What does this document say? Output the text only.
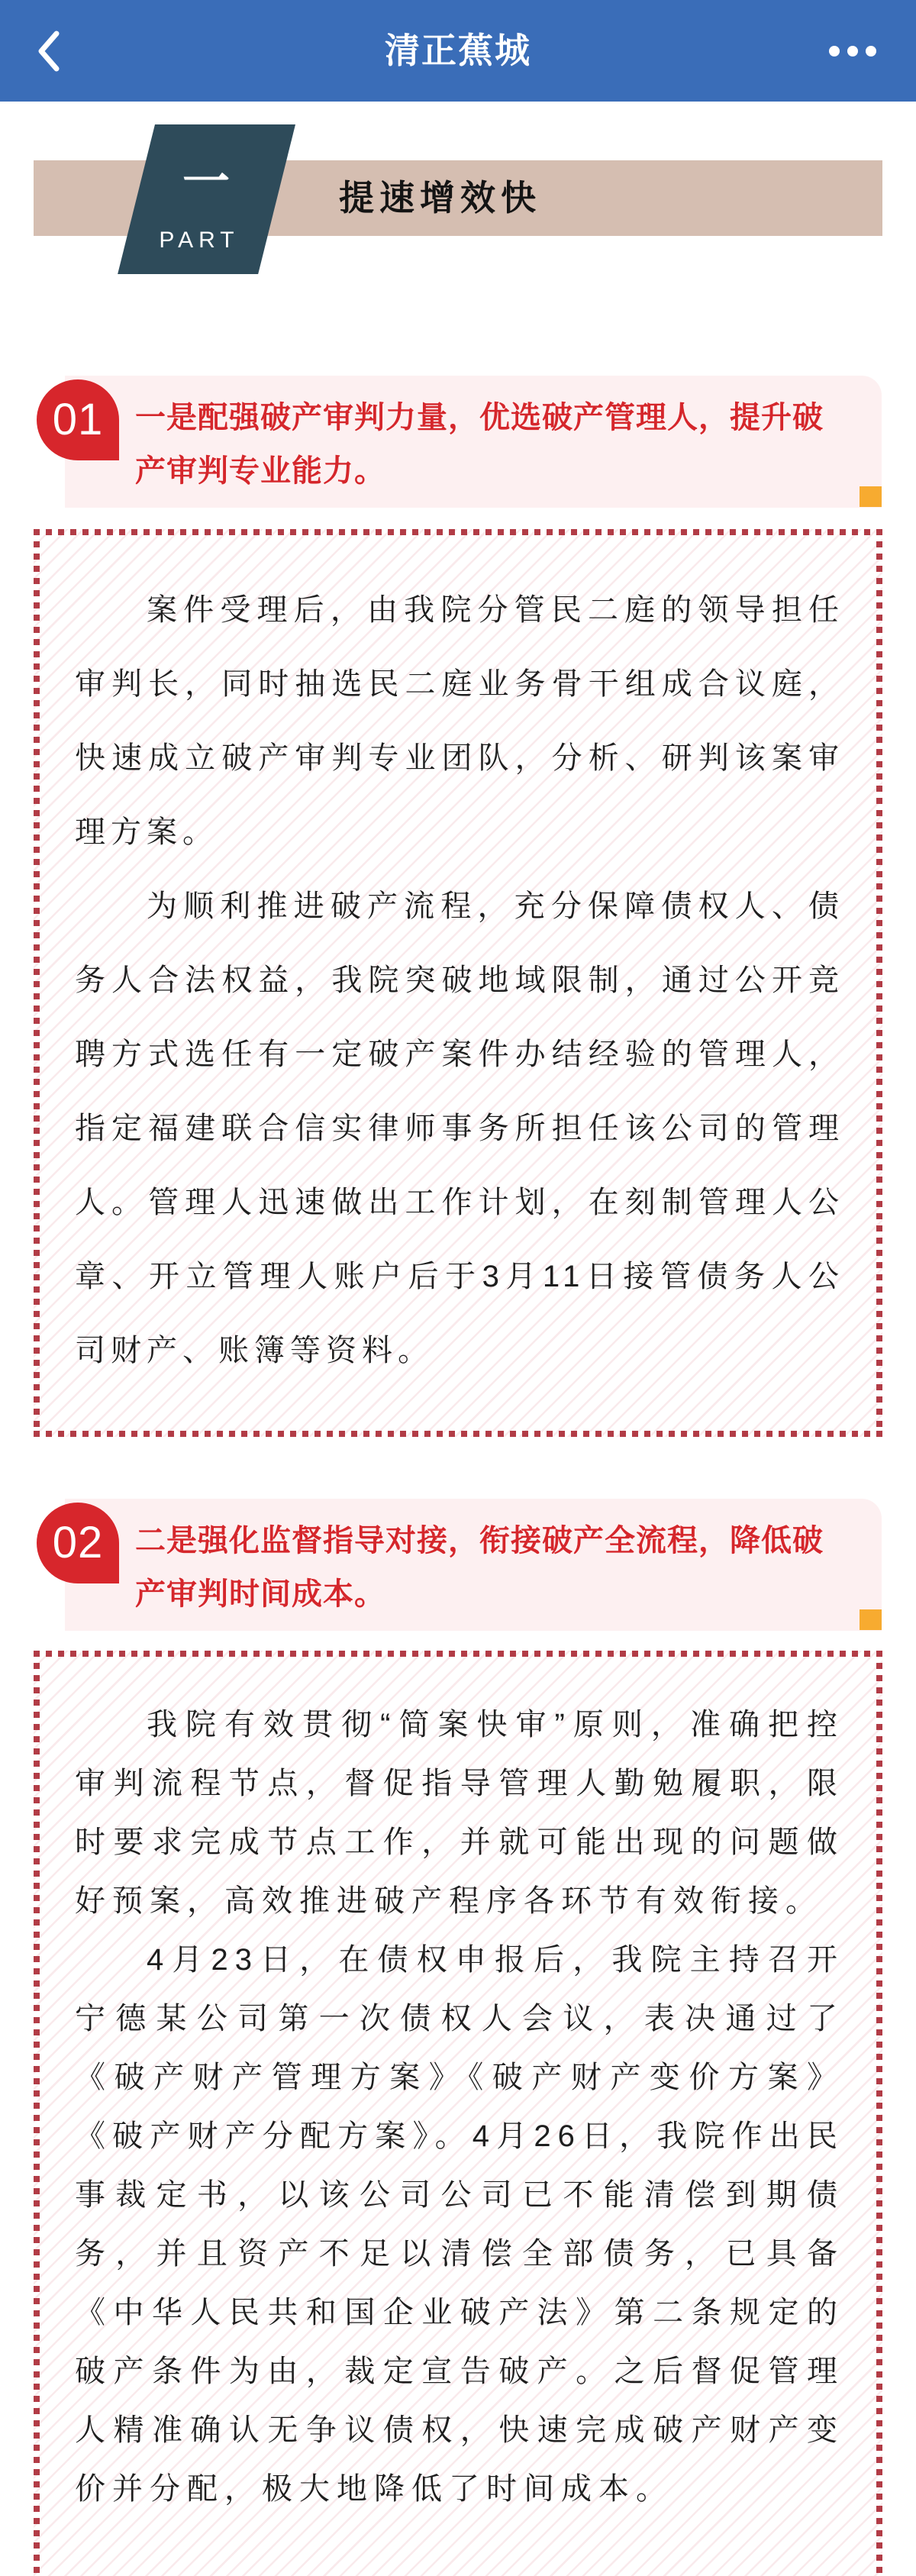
清正蕉城
一
PART
提速增效快
01	一是配强破产审判力量，优选破产管理人，提升破产审判专业能力。

案件受理后，由我院分管民二庭的领导担任审判长，同时抽选民二庭业务骨干组成合议庭，快速成立破产审判专业团队，分析、研判该案审理方案。

为顺利推进破产流程，充分保障债权人、债务人合法权益，我院突破地域限制，通过公开竞聘方式选任有一定破产案件办结经验的管理人，指定福建联合信实律师事务所担任该公司的管理人。管理人迅速做出工作计划，在刻制管理人公章、开立管理人账户后于3月11日接管债务人公司财产、账簿等资料。

02	二是强化监督指导对接，衔接破产全流程，降低破产审判时间成本。

我院有效贯彻“简案快审”原则，准确把控审判流程节点，督促指导管理人勤勉履职，限时要求完成节点工作，并就可能出现的问题做好预案，高效推进破产程序各环节有效衔接。

4月23日，在债权申报后，我院主持召开宁德某公司第一次债权人会议，表决通过了《破产财产管理方案》《破产财产变价方案》《破产财产分配方案》。4月26日，我院作出民事裁定书，以该公司公司已不能清偿到期债务，并且资产不足以清偿全部债务，已具备《中华人民共和国企业破产法》第二条规定的破产条件为由，裁定宣告破产。之后督促管理人精准确认无争议债权，快速完成破产财产变价并分配，极大地降低了时间成本。
